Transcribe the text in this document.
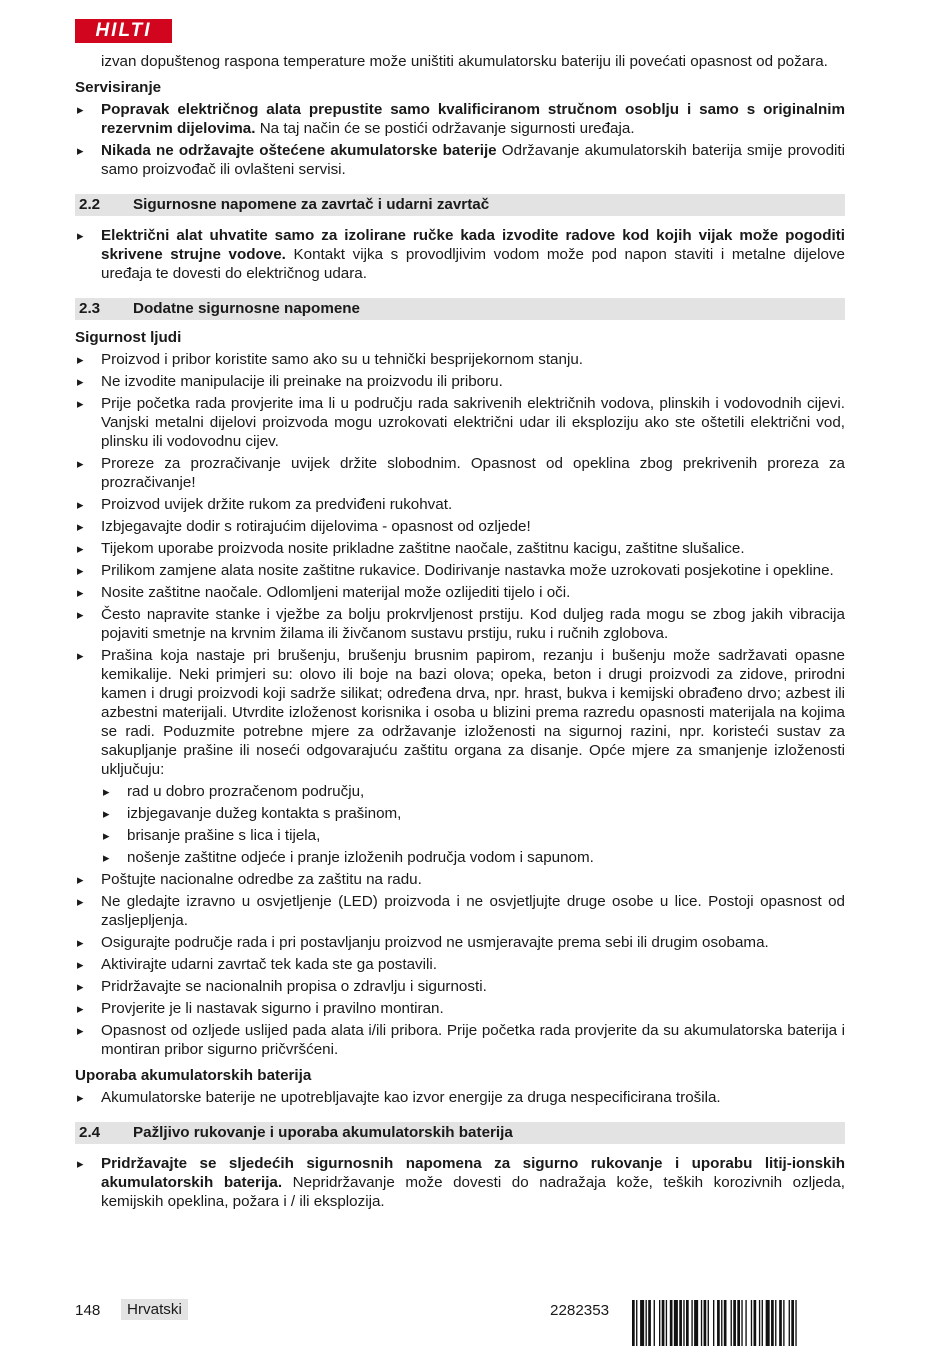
HILTI

izvan dopuštenog raspona temperature može uništiti akumulatorsku bateriju ili povećati opasnost od požara.

Servisiranje

▸ Popravak električnog alata prepustite samo kvalificiranom stručnom osoblju i samo s originalnim rezervnim dijelovima. Na taj način će se postići održavanje sigurnosti uređaja.
▸ Nikada ne održavajte oštećene akumulatorske baterije Održavanje akumulatorskih baterija smije provoditi samo proizvođač ili ovlašteni servisi.
2.2	Sigurnosne napomene za zavrtač i udarni zavrtač
▸ Električni alat uhvatite samo za izolirane ručke kada izvodite radove kod kojih vijak može pogoditi skrivene strujne vodove. Kontakt vijka s provodljivim vodom može pod napon staviti i metalne dijelove uređaja te dovesti do električnog udara.
2.3	Dodatne sigurnosne napomene

Sigurnost ljudi

▸ Proizvod i pribor koristite samo ako su u tehnički besprijekornom stanju.
▸ Ne izvodite manipulacije ili preinake na proizvodu ili priboru.
▸ Prije početka rada provjerite ima li u području rada sakrivenih električnih vodova, plinskih i vodovodnih cijevi. Vanjski metalni dijelovi proizvoda mogu uzrokovati električni udar ili eksploziju ako ste oštetili električni vod, plinsku ili vodovodnu cijev.
▸ Proreze za prozračivanje uvijek držite slobodnim. Opasnost od opeklina zbog prekrivenih proreza za prozračivanje!
▸ Proizvod uvijek držite rukom za predviđeni rukohvat.
▸ Izbjegavajte dodir s rotirajućim dijelovima - opasnost od ozljede!
▸ Tijekom uporabe proizvoda nosite prikladne zaštitne naočale, zaštitnu kacigu, zaštitne slušalice.
▸ Prilikom zamjene alata nosite zaštitne rukavice. Dodirivanje nastavka može uzrokovati posjekotine i opekline.
▸ Nosite zaštitne naočale. Odlomljeni materijal može ozlijediti tijelo i oči.
▸ Često napravite stanke i vježbe za bolju prokrvljenost prstiju. Kod duljeg rada mogu se zbog jakih vibracija pojaviti smetnje na krvnim žilama ili živčanom sustavu prstiju, ruku i ručnih zglobova.
▸ Prašina koja nastaje pri brušenju, brušenju brusnim papirom, rezanju i bušenju može sadržavati opasne kemikalije. Neki primjeri su: olovo ili boje na bazi olova; opeka, beton i drugi proizvodi za zidove, prirodni kamen i drugi proizvodi koji sadrže silikat; određena drva, npr. hrast, bukva i kemijski obrađeno drvo; azbest ili azbestni materijali. Utvrdite izloženost korisnika i osoba u blizini prema razredu opasnosti materijala na kojima se radi. Poduzmite potrebne mjere za održavanje izloženosti na sigurnoj razini, npr. koristeći sustav za sakupljanje prašine ili noseći odgovarajuću zaštitu organa za disanje. Opće mjere za smanjenje izloženosti uključuju:
▸ rad u dobro prozračenom području,
▸ izbjegavanje dužeg kontakta s prašinom,
▸ brisanje prašine s lica i tijela,
▸ nošenje zaštitne odjeće i pranje izloženih područja vodom i sapunom.
▸ Poštujte nacionalne odredbe za zaštitu na radu.
▸ Ne gledajte izravno u osvjetljenje (LED) proizvoda i ne osvjetljujte druge osobe u lice. Postoji opasnost od zasljepljenja.
▸ Osigurajte područje rada i pri postavljanju proizvod ne usmjeravajte prema sebi ili drugim osobama.
▸ Aktivirajte udarni zavrtač tek kada ste ga postavili.
▸ Pridržavajte se nacionalnih propisa o zdravlju i sigurnosti.
▸ Provjerite je li nastavak sigurno i pravilno montiran.
▸ Opasnost od ozljede uslijed pada alata i/ili pribora. Prije početka rada provjerite da su akumulatorska baterija i montiran pribor sigurno pričvršćeni.

Uporaba akumulatorskih baterija

▸ Akumulatorske baterije ne upotrebljavajte kao izvor energije za druga nespecificirana trošila.
2.4	Pažljivo rukovanje i uporaba akumulatorskih baterija
▸ Pridržavajte se sljedećih sigurnosnih napomena za sigurno rukovanje i uporabu litij-ionskih akumulatorskih baterija. Nepridržavanje može dovesti do nadražaja kože, teških korozivnih ozljeda, kemijskih opeklina, požara i / ili eksplozija.
148	Hrvatski	2282353
